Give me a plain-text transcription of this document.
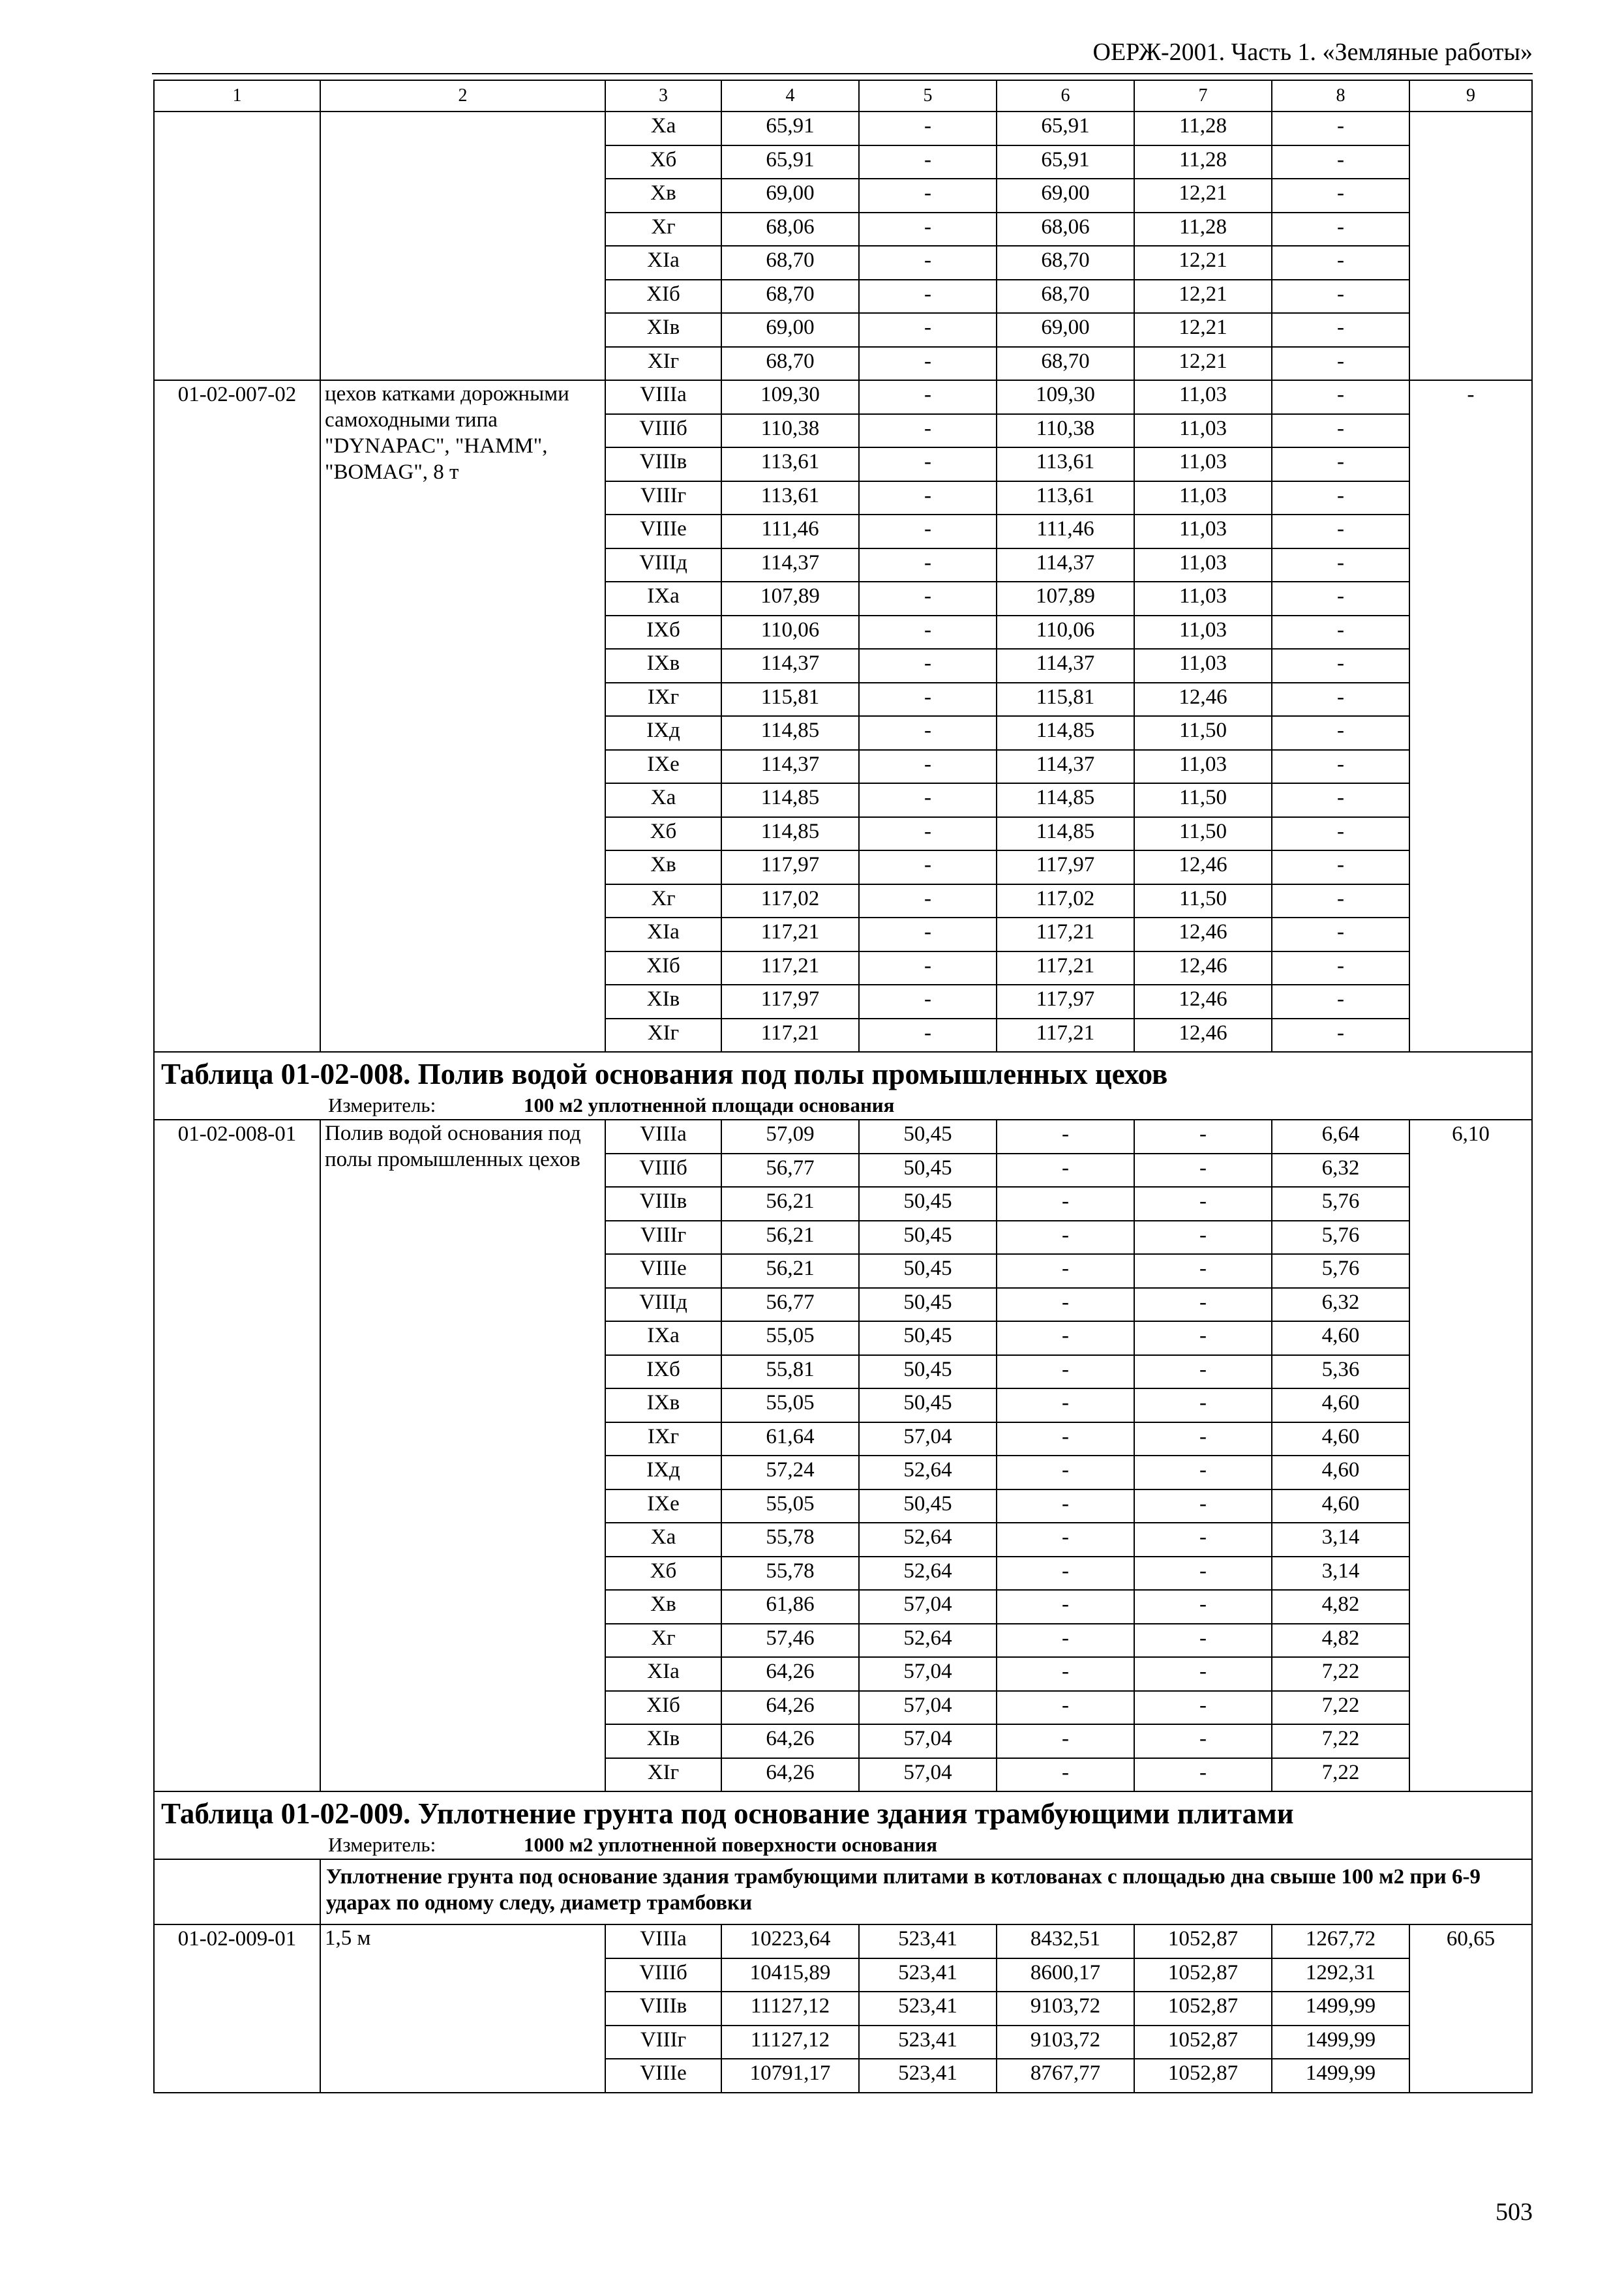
ОЕРЖ-2001. Часть 1. «Земляные работы»
1	2	3	4	5	6	7	8	9
		Xa	65,91	-	65,91	11,28	-	
		Xб	65,91	-	65,91	11,28	-	
		Xв	69,00	-	69,00	12,21	-	
		Xг	68,06	-	68,06	11,28	-	
		XIa	68,70	-	68,70	12,21	-	
		XIб	68,70	-	68,70	12,21	-	
		XIв	69,00	-	69,00	12,21	-	
		XIг	68,70	-	68,70	12,21	-	
01-02-007-02	цехов катками дорожными самоходными типа "DYNAPAC", "HAMM", "BOMAG", 8 т	VIIIa	109,30	-	109,30	11,03	-	-
		VIIIб	110,38	-	110,38	11,03	-	
		VIIIв	113,61	-	113,61	11,03	-	
		VIIIг	113,61	-	113,61	11,03	-	
		VIIIe	111,46	-	111,46	11,03	-	
		VIIIд	114,37	-	114,37	11,03	-	
		IXa	107,89	-	107,89	11,03	-	
		IXб	110,06	-	110,06	11,03	-	
		IXв	114,37	-	114,37	11,03	-	
		IXг	115,81	-	115,81	12,46	-	
		IXд	114,85	-	114,85	11,50	-	
		IXe	114,37	-	114,37	11,03	-	
		Xa	114,85	-	114,85	11,50	-	
		Xб	114,85	-	114,85	11,50	-	
		Xв	117,97	-	117,97	12,46	-	
		Xг	117,02	-	117,02	11,50	-	
		XIa	117,21	-	117,21	12,46	-	
		XIб	117,21	-	117,21	12,46	-	
		XIв	117,97	-	117,97	12,46	-	
		XIг	117,21	-	117,21	12,46	-	
Таблица 01-02-008. Полив водой основания под полы промышленных цехов								
Измеритель: 100 м2 уплотненной площади основания								
01-02-008-01	Полив водой основания под полы промышленных цехов	VIIIa	57,09	50,45	-	-	6,64	6,10
		VIIIб	56,77	50,45	-	-	6,32	
		VIIIв	56,21	50,45	-	-	5,76	
		VIIIг	56,21	50,45	-	-	5,76	
		VIIIe	56,21	50,45	-	-	5,76	
		VIIIд	56,77	50,45	-	-	6,32	
		IXa	55,05	50,45	-	-	4,60	
		IXб	55,81	50,45	-	-	5,36	
		IXв	55,05	50,45	-	-	4,60	
		IXг	61,64	57,04	-	-	4,60	
		IXд	57,24	52,64	-	-	4,60	
		IXe	55,05	50,45	-	-	4,60	
		Xa	55,78	52,64	-	-	3,14	
		Xб	55,78	52,64	-	-	3,14	
		Xв	61,86	57,04	-	-	4,82	
		Xг	57,46	52,64	-	-	4,82	
		XIa	64,26	57,04	-	-	7,22	
		XIб	64,26	57,04	-	-	7,22	
		XIв	64,26	57,04	-	-	7,22	
		XIг	64,26	57,04	-	-	7,22	
Таблица 01-02-009. Уплотнение грунта под основание здания трамбующими плитами								
Измеритель: 1000 м2 уплотненной поверхности основания								
	Уплотнение грунта под основание здания трамбующими плитами в котлованах с площадью дна свыше 100 м2 при 6-9 ударах по одному следу, диаметр трамбовки							
01-02-009-01	1,5 м	VIIIa	10223,64	523,41	8432,51	1052,87	1267,72	60,65
		VIIIб	10415,89	523,41	8600,17	1052,87	1292,31	
		VIIIв	11127,12	523,41	9103,72	1052,87	1499,99	
		VIIIг	11127,12	523,41	9103,72	1052,87	1499,99	
		VIIIe	10791,17	523,41	8767,77	1052,87	1499,99	
503
